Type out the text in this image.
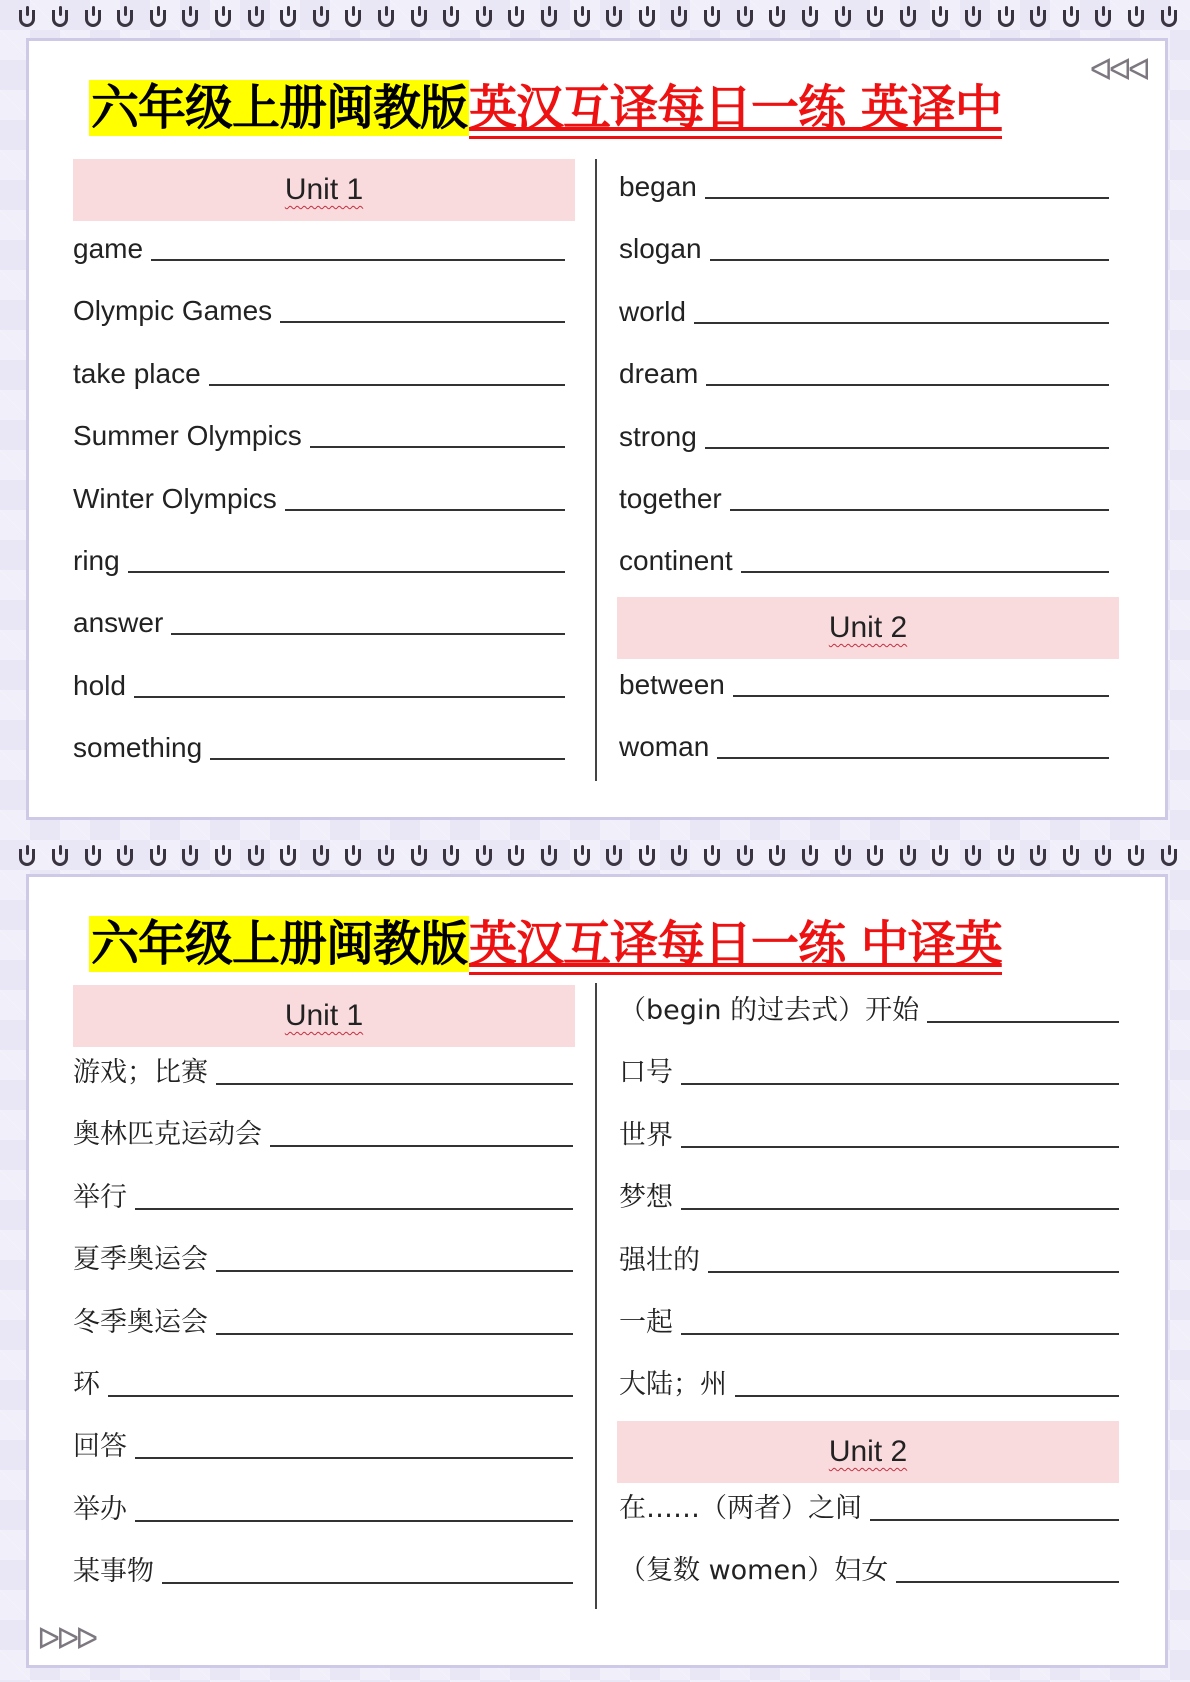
六年级上册闽教版英汉互译每日一练 英译中
ᐊᐊᐊ
Unit 1
game
Olympic Games
take place
Summer Olympics
Winter Olympics
ring
answer
hold
something
began
slogan
world
dream
strong
together
continent
Unit 2
between
woman
六年级上册闽教版英汉互译每日一练 中译英
ᐅᐅᐅ
Unit 1
游戏；比赛
奥林匹克运动会
举行
夏季奥运会
冬季奥运会
环
回答
举办
某事物
（begin 的过去式）开始
口号
世界
梦想
强壮的
一起
大陆；州
Unit 2
在……（两者）之间
（复数 women）妇女
